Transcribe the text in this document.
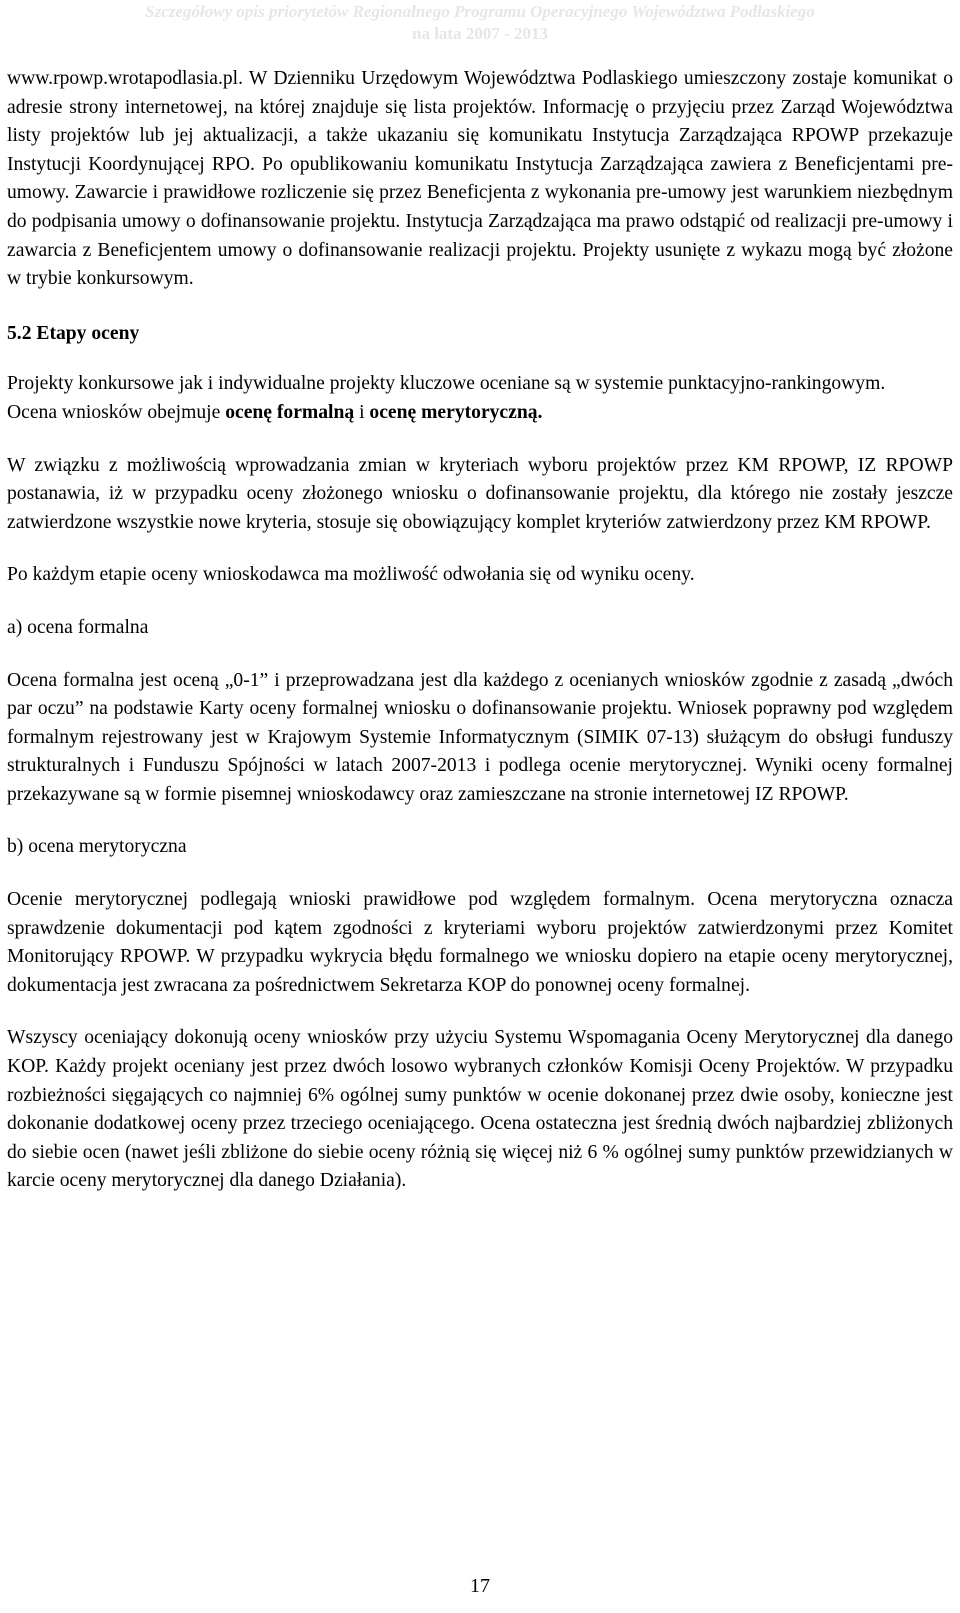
Szczegółowy opis priorytetów Regionalnego Programu Operacyjnego Województwa Podlaskiego
na lata 2007 - 2013

www.rpowp.wrotapodlasia.pl. W Dzienniku Urzędowym Województwa Podlaskiego umieszczony zostaje komunikat o adresie strony internetowej, na której znajduje się lista projektów. Informację o przyjęciu przez Zarząd Województwa listy projektów lub jej aktualizacji, a także ukazaniu się komunikatu Instytucja Zarządzająca RPOWP przekazuje Instytucji Koordynującej RPO. Po opublikowaniu komunikatu Instytucja Zarządzająca zawiera z Beneficjentami pre-umowy. Zawarcie i prawidłowe rozliczenie się przez Beneficjenta z wykonania pre-umowy jest warunkiem niezbędnym do podpisania umowy o dofinansowanie projektu. Instytucja Zarządzająca ma prawo odstąpić od realizacji pre-umowy i zawarcia z Beneficjentem umowy o dofinansowanie realizacji projektu. Projekty usunięte z wykazu mogą być złożone w trybie konkursowym.

5.2 Etapy oceny

Projekty konkursowe jak i indywidualne projekty kluczowe oceniane są w systemie punktacyjno-rankingowym.

Ocena wniosków obejmuje ocenę formalną i ocenę merytoryczną.

W związku z możliwością wprowadzania zmian w kryteriach wyboru projektów przez KM RPOWP, IZ RPOWP postanawia, iż w przypadku oceny złożonego wniosku o dofinansowanie projektu, dla którego nie zostały jeszcze zatwierdzone wszystkie nowe kryteria, stosuje się obowiązujący komplet kryteriów zatwierdzony przez KM RPOWP.

Po każdym etapie oceny wnioskodawca ma możliwość odwołania się od wyniku oceny.

a) ocena formalna

Ocena formalna jest oceną „0-1” i przeprowadzana jest dla każdego z ocenianych wniosków zgodnie z zasadą „dwóch par oczu” na podstawie Karty oceny formalnej wniosku o dofinansowanie projektu. Wniosek poprawny pod względem formalnym rejestrowany jest w Krajowym Systemie Informatycznym (SIMIK 07-13) służącym do obsługi funduszy strukturalnych i Funduszu Spójności w latach 2007-2013 i podlega ocenie merytorycznej. Wyniki oceny formalnej przekazywane są w formie pisemnej wnioskodawcy oraz zamieszczane na stronie internetowej IZ RPOWP.

b) ocena merytoryczna

Ocenie merytorycznej podlegają wnioski prawidłowe pod względem formalnym. Ocena merytoryczna oznacza sprawdzenie dokumentacji pod kątem zgodności z kryteriami wyboru projektów zatwierdzonymi przez Komitet Monitorujący RPOWP. W przypadku wykrycia błędu formalnego we wniosku dopiero na etapie oceny merytorycznej, dokumentacja jest zwracana za pośrednictwem Sekretarza KOP do ponownej oceny formalnej.

Wszyscy oceniający dokonują oceny wniosków przy użyciu Systemu Wspomagania Oceny Merytorycznej dla danego KOP. Każdy projekt oceniany jest przez dwóch losowo wybranych członków Komisji Oceny Projektów. W przypadku rozbieżności sięgających co najmniej 6% ogólnej sumy punktów w ocenie dokonanej przez dwie osoby, konieczne jest dokonanie dodatkowej oceny przez trzeciego oceniającego. Ocena ostateczna jest średnią dwóch najbardziej zbliżonych do siebie ocen (nawet jeśli zbliżone do siebie oceny różnią się więcej niż 6 % ogólnej sumy punktów przewidzianych w karcie oceny merytorycznej dla danego Działania).

17
